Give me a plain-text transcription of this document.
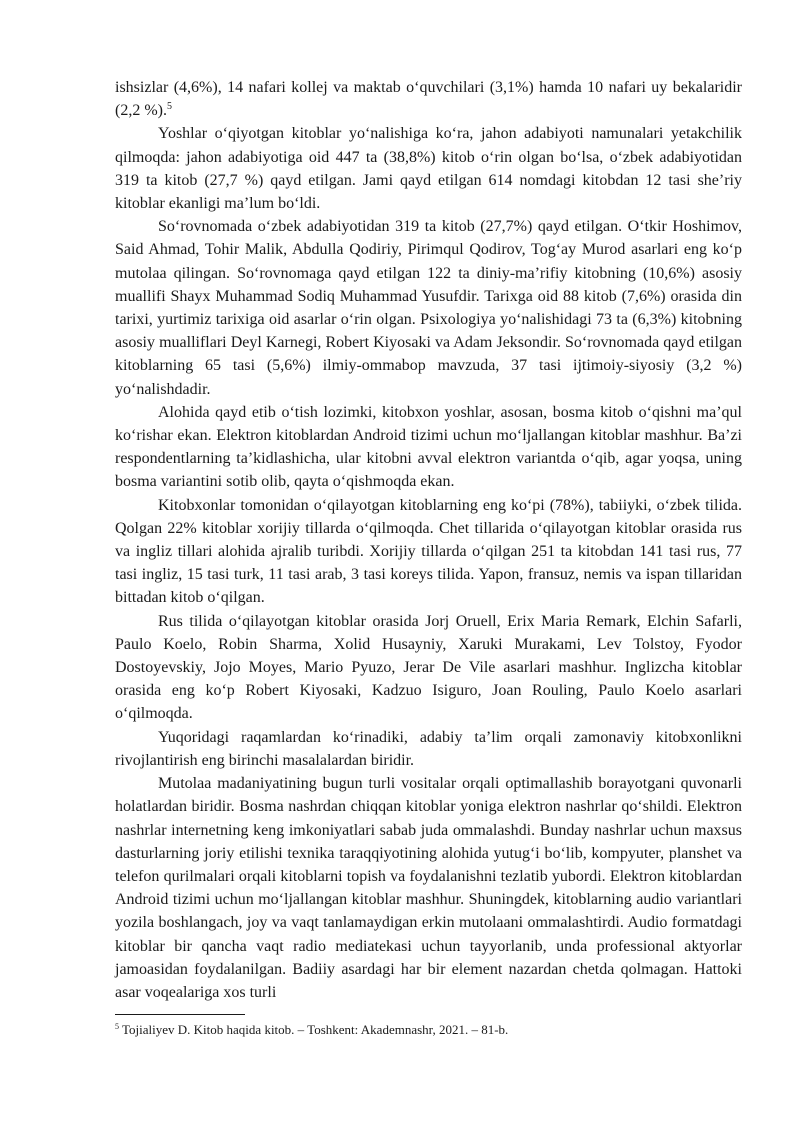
ishsizlar (4,6%), 14 nafari kollej va maktab o‘quvchilari (3,1%) hamda 10 nafari uy bekalaridir (2,2 %).$^5$

Yoshlar o‘qiyotgan kitoblar yo‘nalishiga ko‘ra, jahon adabiyoti namunalari yetakchilik qilmoqda: jahon adabiyotiga oid 447 ta (38,8%) kitob o‘rin olgan bo‘lsa, o‘zbek adabiyotidan 319 ta kitob (27,7 %) qayd etilgan. Jami qayd etilgan 614 nomdagi kitobdan 12 tasi she’riy kitoblar ekanligi ma’lum bo‘ldi.

So‘rovnomada o‘zbek adabiyotidan 319 ta kitob (27,7%) qayd etilgan. O‘tkir Hoshimov, Said Ahmad, Tohir Malik, Abdulla Qodiriy, Pirimqul Qodirov, Tog‘ay Murod asarlari eng ko‘p mutolaa qilingan. So‘rovnomaga qayd etilgan 122 ta diniy-ma’rifiy kitobning (10,6%) asosiy muallifi Shayx Muhammad Sodiq Muhammad Yusufdir. Tarixga oid 88 kitob (7,6%) orasida din tarixi, yurtimiz tarixiga oid asarlar o‘rin olgan. Psixologiya yo‘nalishidagi 73 ta (6,3%) kitobning asosiy mualliflari Deyl Karnegi, Robert Kiyosaki va Adam Jeksondir. So‘rovnomada qayd etilgan kitoblarning 65 tasi (5,6%) ilmiy-ommabop mavzuda, 37 tasi ijtimoiy-siyosiy (3,2 %) yo‘nalishdadir.

Alohida qayd etib o‘tish lozimki, kitobxon yoshlar, asosan, bosma kitob o‘qishni ma’qul ko‘rishar ekan. Elektron kitoblardan Android tizimi uchun mo‘ljallangan kitoblar mashhur. Ba’zi respondentlarning ta’kidlashicha, ular kitobni avval elektron variantda o‘qib, agar yoqsa, uning bosma variantini sotib olib, qayta o‘qishmoqda ekan.

Kitobxonlar tomonidan o‘qilayotgan kitoblarning eng ko‘pi (78%), tabiiyki, o‘zbek tilida. Qolgan 22% kitoblar xorijiy tillarda o‘qilmoqda. Chet tillarida o‘qilayotgan kitoblar orasida rus va ingliz tillari alohida ajralib turibdi. Xorijiy tillarda o‘qilgan 251 ta kitobdan 141 tasi rus, 77 tasi ingliz, 15 tasi turk, 11 tasi arab, 3 tasi koreys tilida. Yapon, fransuz, nemis va ispan tillaridan bittadan kitob o‘qilgan.

Rus tilida o‘qilayotgan kitoblar orasida Jorj Oruell, Erix Maria Remark, Elchin Safarli, Paulo Koelo, Robin Sharma, Xolid Husayniy, Xaruki Murakami, Lev Tolstoy, Fyodor Dostoyevskiy, Jojo Moyes, Mario Pyuzo, Jerar De Vile asarlari mashhur. Inglizcha kitoblar orasida eng ko‘p Robert Kiyosaki, Kadzuo Isiguro, Joan Rouling, Paulo Koelo asarlari o‘qilmoqda.

Yuqoridagi raqamlardan ko‘rinadiki, adabiy ta’lim orqali zamonaviy kitobxonlikni rivojlantirish eng birinchi masalalardan biridir.

Mutolaa madaniyatining bugun turli vositalar orqali optimallashib borayotgani quvonarli holatlardan biridir. Bosma nashrdan chiqqan kitoblar yoniga elektron nashrlar qo‘shildi. Elektron nashrlar internetning keng imkoniyatlari sabab juda ommalashdi. Bunday nashrlar uchun maxsus dasturlarning joriy etilishi texnika taraqqiyotining alohida yutug‘i bo‘lib, kompyuter, planshet va telefon qurilmalari orqali kitoblarni topish va foydalanishni tezlatib yubordi. Elektron kitoblardan Android tizimi uchun mo‘ljallangan kitoblar mashhur. Shuningdek, kitoblarning audio variantlari yozila boshlangach, joy va vaqt tanlamaydigan erkin mutolaani ommalashtirdi. Audio formatdagi kitoblar bir qancha vaqt radio mediatekasi uchun tayyorlanib, unda professional aktyorlar jamoasidan foydalanilgan. Badiiy asardagi har bir element nazardan chetda qolmagan. Hattoki asar voqealariga xos turli

$^5$ Tojialiyev D. Kitob haqida kitob. – Toshkent: Akademnashr, 2021. – 81-b.
